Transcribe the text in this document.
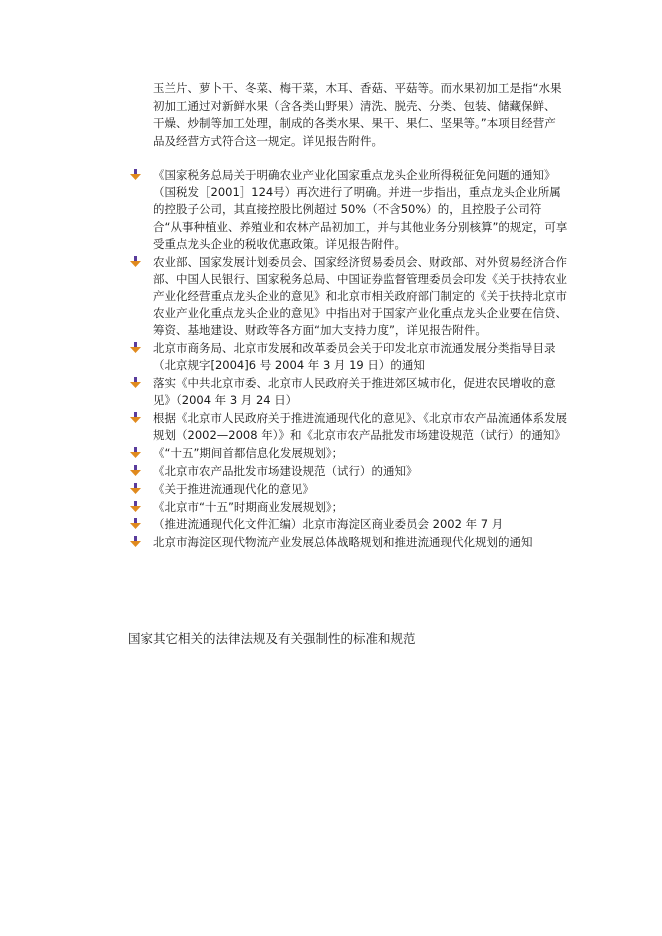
玉兰片、萝卜干、冬菜、梅干菜，木耳、香菇、平菇等。而水果初加工是指“水果初加工通过对新鲜水果（含各类山野果）清洗、脱壳、分类、包装、储藏保鲜、干燥、炒制等加工处理，制成的各类水果、果干、果仁、坚果等。”本项目经营产品及经营方式符合这一规定。详见报告附件。

《国家税务总局关于明确农业产业化国家重点龙头企业所得税征免问题的通知》（国税发［2001］124号）再次进行了明确。并进一步指出，重点龙头企业所属的控股子公司，其直接控股比例超过 50%（不含50%）的，且控股子公司符合“从事种植业、养殖业和农林产品初加工，并与其他业务分别核算”的规定，可享受重点龙头企业的税收优惠政策。详见报告附件。
农业部、国家发展计划委员会、国家经济贸易委员会、财政部、对外贸易经济合作部、中国人民银行、国家税务总局、中国证券监督管理委员会印发《关于扶持农业产业化经营重点龙头企业的意见》和北京市相关政府部门制定的《关于扶持北京市农业产业化重点龙头企业的意见》中指出对于国家产业化重点龙头企业要在信贷、筹资、基地建设、财政等各方面“加大支持力度”，详见报告附件。
北京市商务局、北京市发展和改革委员会关于印发北京市流通发展分类指导目录（北京规字[2004]6 号 2004 年 3 月 19 日）的通知
落实《中共北京市委、北京市人民政府关于推进郊区城市化，促进农民增收的意见》（2004 年 3 月 24 日）
根据《北京市人民政府关于推进流通现代化的意见》、《北京市农产品流通体系发展规划（2002—2008 年）》和《北京市农产品批发市场建设规范（试行）的通知》
《“十五”期间首都信息化发展规划》；
《北京市农产品批发市场建设规范（试行）的通知》
《关于推进流通现代化的意见》
《北京市“十五”时期商业发展规划》；
（推进流通现代化文件汇编）北京市海淀区商业委员会 2002 年 7 月
北京市海淀区现代物流产业发展总体战略规划和推进流通现代化规划的通知
国家其它相关的法律法规及有关强制性的标准和规范
